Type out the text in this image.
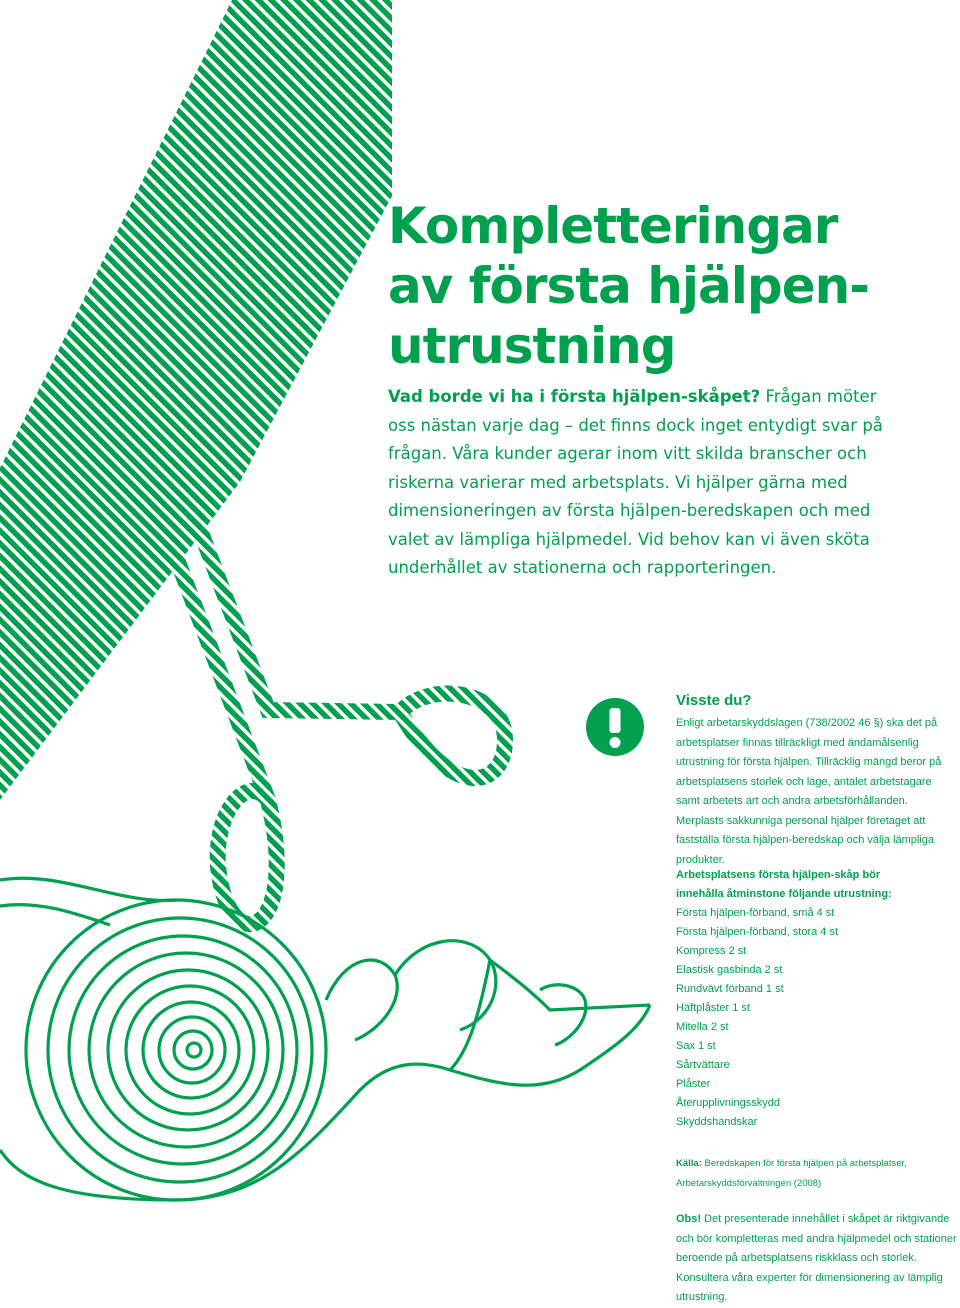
Kompletteringar
av första hjälpen-
utrustning

Vad borde vi ha i första hjälpen-skåpet? Frågan möter oss nästan varje dag – det finns dock inget entydigt svar på frågan. Våra kunder agerar inom vitt skilda branscher och riskerna varierar med arbetsplats. Vi hjälper gärna med dimensioneringen av första hjälpen-beredskapen och med valet av lämpliga hjälpmedel. Vid behov kan vi även sköta underhållet av stationerna och rapporteringen.

Visste du?

Enligt arbetarskyddslagen (738/2002 46 §) ska det på arbetsplatser finnas tillräckligt med ändamålsenlig utrustning för första hjälpen. Tillräcklig mängd beror på arbetsplatsens storlek och läge, antalet arbetstagare samt arbetets art och andra arbetsförhållanden. Merplasts sakkunniga personal hjälper företaget att fastställa första hjälpen-beredskap och välja lämpliga produkter.

Arbetsplatsens första hjälpen-skåp bör
innehålla åtminstone följande utrustning:

Första hjälpen-förband, små 4 st
Första hjälpen-förband, stora 4 st
Kompress 2 st
Elastisk gasbinda 2 st
Rundvävt förband 1 st
Häftplåster 1 st
Mitella 2 st
Sax 1 st
Sårtvättare
Plåster
Återupplivningsskydd
Skyddshandskar

Källa: Beredskapen för första hjälpen på arbetsplatser,
Arbetarskyddsförvaltningen (2008)

Obs! Det presenterade innehållet i skåpet är riktgivande och bör kompletteras med andra hjälpmedel och stationer beroende på arbetsplatsens riskklass och storlek. Konsultera våra experter för dimensionering av lämplig utrustning.
